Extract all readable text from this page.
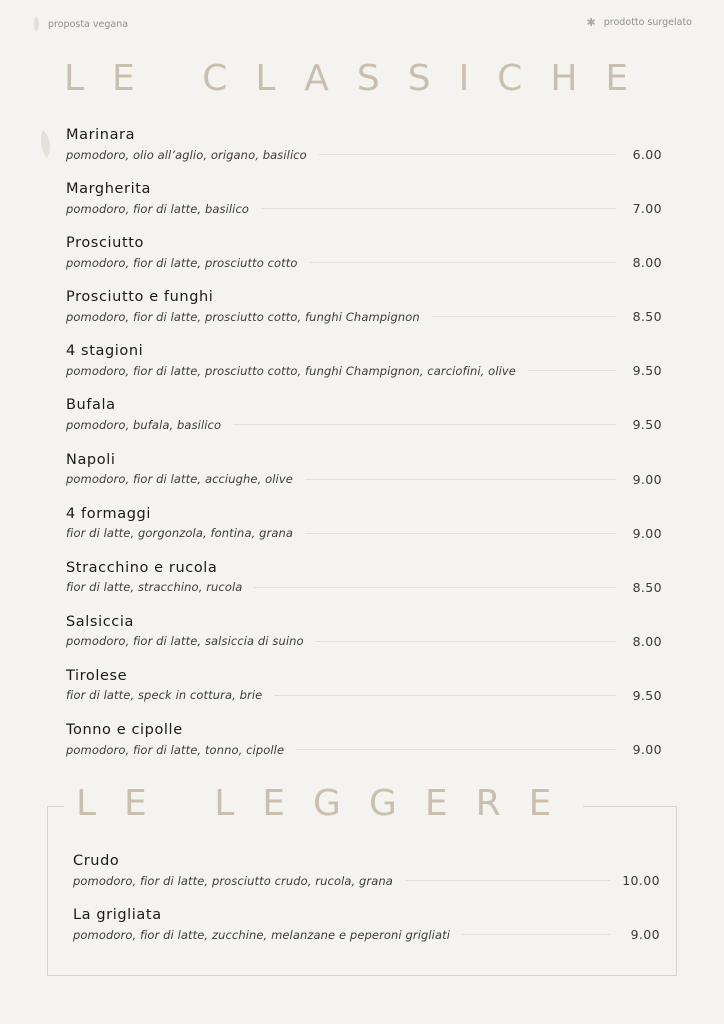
proposta vegana	✱ prodotto surgelato
LE CLASSICHE
Marinara
pomodoro, olio all’aglio, origano, basilico	6.00
Margherita
pomodoro, fior di latte, basilico	7.00
Prosciutto
pomodoro, fior di latte, prosciutto cotto	8.00
Prosciutto e funghi
pomodoro, fior di latte, prosciutto cotto, funghi Champignon	8.50
4 stagioni
pomodoro, fior di latte, prosciutto cotto, funghi Champignon, carciofini, olive	9.50
Bufala
pomodoro, bufala, basilico	9.50
Napoli
pomodoro, fior di latte, acciughe, olive	9.00
4 formaggi
fior di latte, gorgonzola, fontina, grana	9.00
Stracchino e rucola
fior di latte, stracchino, rucola	8.50
Salsiccia
pomodoro, fior di latte, salsiccia di suino	8.00
Tirolese
fior di latte, speck in cottura, brie	9.50
Tonno e cipolle
pomodoro, fior di latte, tonno, cipolle	9.00
LE LEGGERE
Crudo
pomodoro, fior di latte, prosciutto crudo, rucola, grana	10.00
La grigliata
pomodoro, fior di latte, zucchine, melanzane e peperoni grigliati	9.00
